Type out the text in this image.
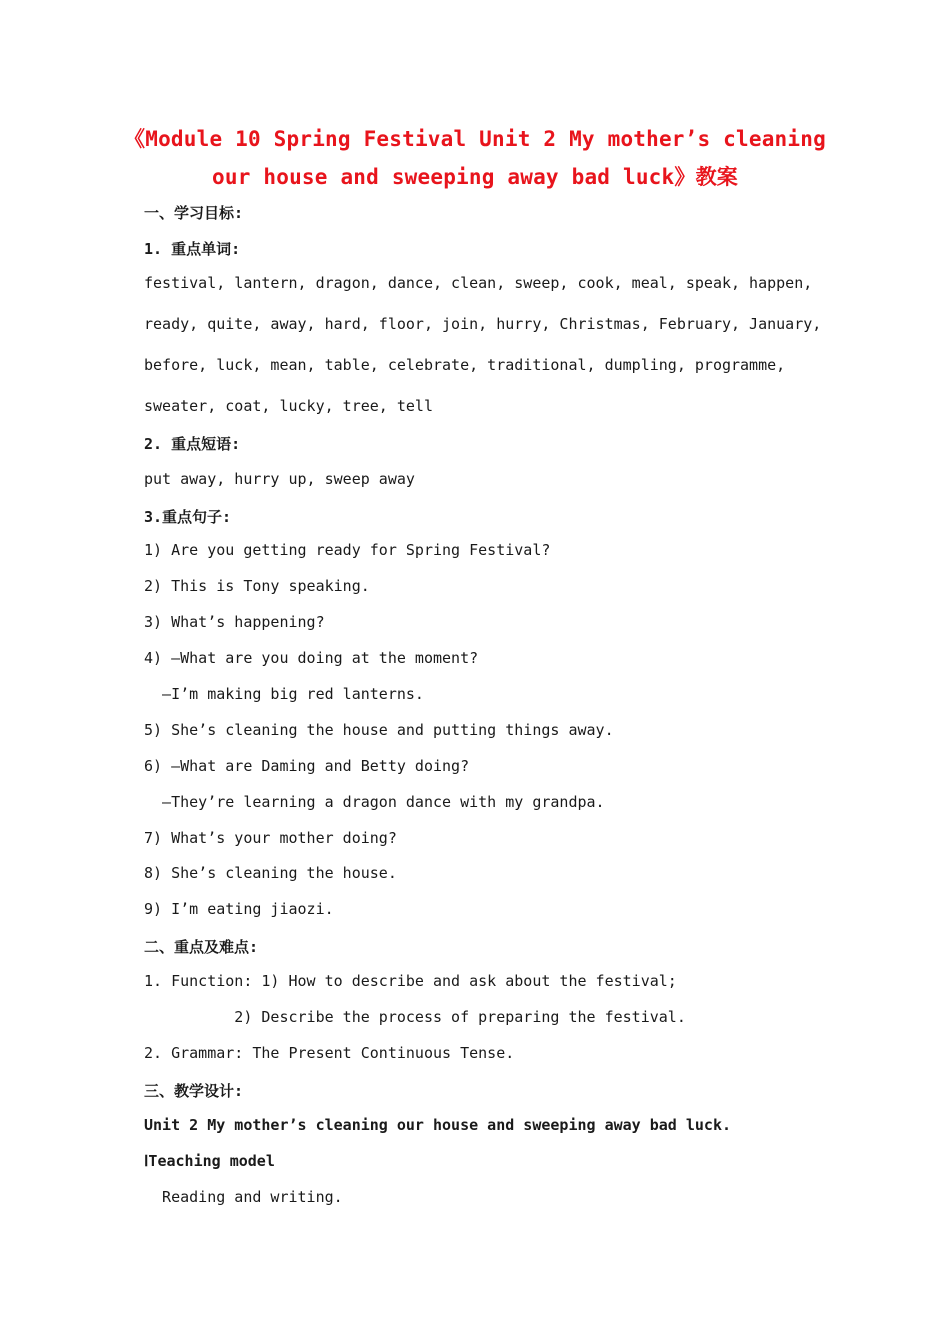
《Module 10 Spring Festival Unit 2 My mother’s cleaning
our house and sweeping away bad luck》教案
一、学习目标:
1. 重点单词:
festival, lantern, dragon, dance, clean, sweep, cook, meal, speak, happen,
ready, quite, away, hard, floor, join, hurry, Christmas, February, January,
before, luck, mean, table, celebrate, traditional, dumpling, programme,
sweater, coat, lucky, tree, tell
2. 重点短语:
put away, hurry up, sweep away
3.重点句子:
1) Are you getting ready for Spring Festival?
2) This is Tony speaking.
3) What’s happening?
4) —What are you doing at the moment?
—I’m making big red lanterns.
5) She’s cleaning the house and putting things away.
6) —What are Daming and Betty doing?
—They’re learning a dragon dance with my grandpa.
7) What’s your mother doing?
8) She’s cleaning the house.
9) I’m eating jiaozi.
二、重点及难点:
1. Function: 1) How to describe and ask about the festival;
2) Describe the process of preparing the festival.
2. Grammar: The Present Continuous Tense.
三、教学设计:
Unit 2 My mother’s cleaning our house and sweeping away bad luck.
ⅠTeaching model
Reading and writing.
